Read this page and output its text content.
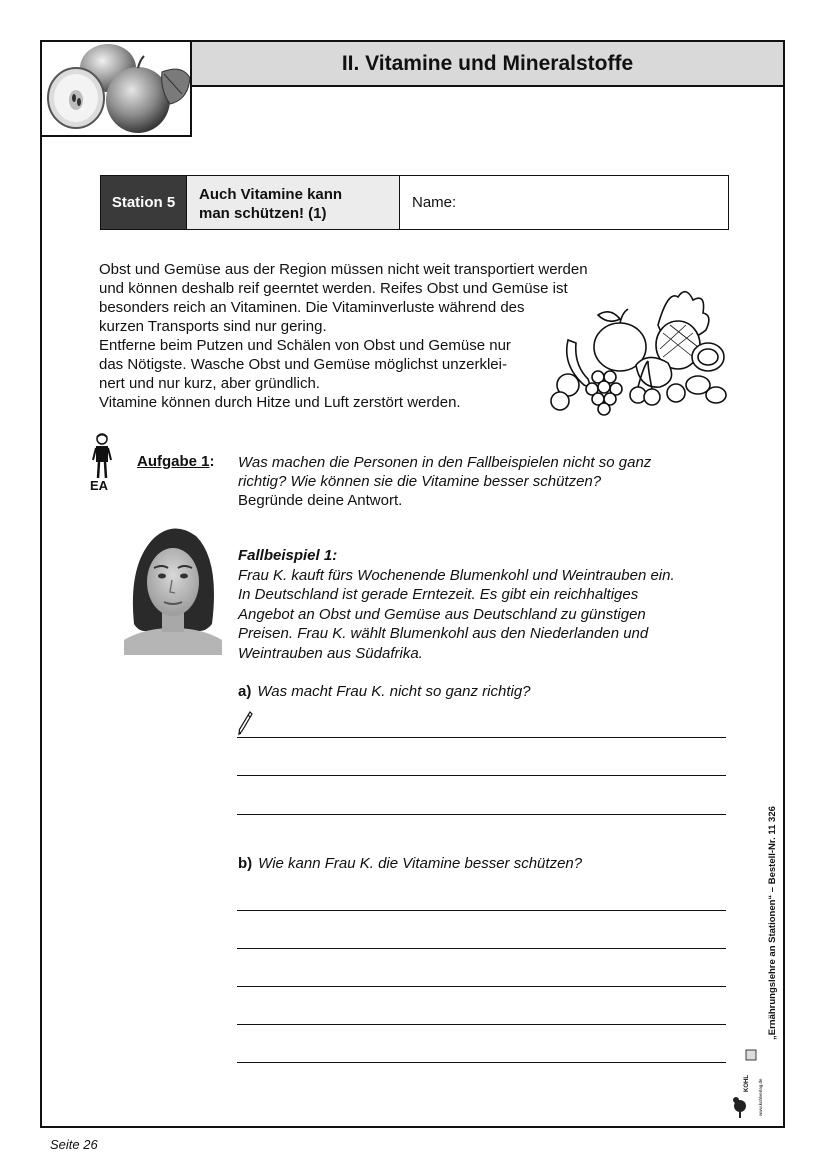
II. Vitamine und Mineralstoffe
Station 5	Auch Vitamine kann
man schützen! (1)
Name:

Obst und Gemüse aus der Region müssen nicht weit transportiert werden
und können deshalb reif geerntet werden. Reifes Obst und Gemüse ist
besonders reich an Vitaminen. Die Vitaminverluste während des
kurzen Transports sind nur gering.
Entferne beim Putzen und Schälen von Obst und Gemüse nur
das Nötigste. Wasche Obst und Gemüse möglichst unzerklei-
nert und nur kurz, aber gründlich.
Vitamine können durch Hitze und Luft zerstört werden.

EA
Aufgabe 1: Was machen die Personen in den Fallbeispielen nicht so ganz
richtig? Wie können sie die Vitamine besser schützen?
Begründe deine Antwort.
Fallbeispiel 1:
Frau K. kauft fürs Wochenende Blumenkohl und Weintrauben ein.
In Deutschland ist gerade Erntezeit. Es gibt ein reichhaltiges
Angebot an Obst und Gemüse aus Deutschland zu günstigen
Preisen. Frau K. wählt Blumenkohl aus den Niederlanden und
Weintrauben aus Südafrika.
a) Was macht Frau K. nicht so ganz richtig?
b) Wie kann Frau K. die Vitamine besser schützen?	„Ernährungslehre an Stationen“ – Bestell-Nr. 11 326
KOHL www.kohlverlag.de
Seite 26
